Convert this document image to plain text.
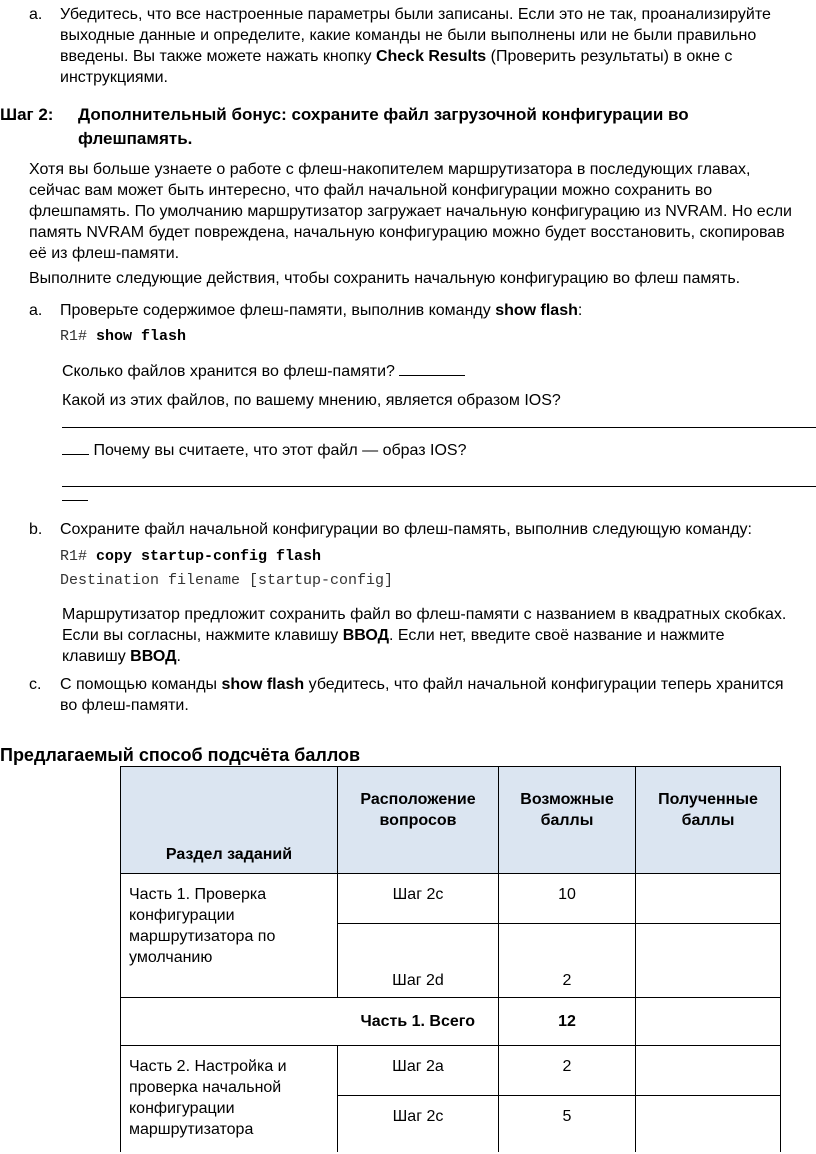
a. Убедитесь, что все настроенные параметры были записаны. Если это не так, проанализируйте выходные данные и определите, какие команды не были выполнены или не были правильно введены. Вы также можете нажать кнопку Check Results (Проверить результаты) в окне с инструкциями.
Шаг 2: Дополнительный бонус: сохраните файл загрузочной конфигурации во флешпамять.
Хотя вы больше узнаете о работе с флеш-накопителем маршрутизатора в последующих главах, сейчас вам может быть интересно, что файл начальной конфигурации можно сохранить во флешпамять. По умолчанию маршрутизатор загружает начальную конфигурацию из NVRAM. Но если память NVRAM будет повреждена, начальную конфигурацию можно будет восстановить, скопировав её из флеш-памяти.
Выполните следующие действия, чтобы сохранить начальную конфигурацию во флеш память.
a. Проверьте содержимое флеш-памяти, выполнив команду show flash:
R1# show flash
Сколько файлов хранится во флеш-памяти?
Какой из этих файлов, по вашему мнению, является образом IOS?
Почему вы считаете, что этот файл — образ IOS?
b. Сохраните файл начальной конфигурации во флеш-память, выполнив следующую команду:
R1# copy startup-config flash
Destination filename [startup-config]
Маршрутизатор предложит сохранить файл во флеш-памяти с названием в квадратных скобках. Если вы согласны, нажмите клавишу ВВОД. Если нет, введите своё название и нажмите клавишу ВВОД.
c. С помощью команды show flash убедитесь, что файл начальной конфигурации теперь хранится во флеш-памяти.
Предлагаемый способ подсчёта баллов
Раздел заданий	Расположение вопросов	Возможные баллы	Полученные баллы
Часть 1. Проверка конфигурации маршрутизатора по умолчанию	Шаг 2c	10	
	Шаг 2d	2	
	Часть 1. Всего	12	
Часть 2. Настройка и проверка начальной конфигурации маршрутизатора	Шаг 2a	2	
	Шаг 2c	5	
